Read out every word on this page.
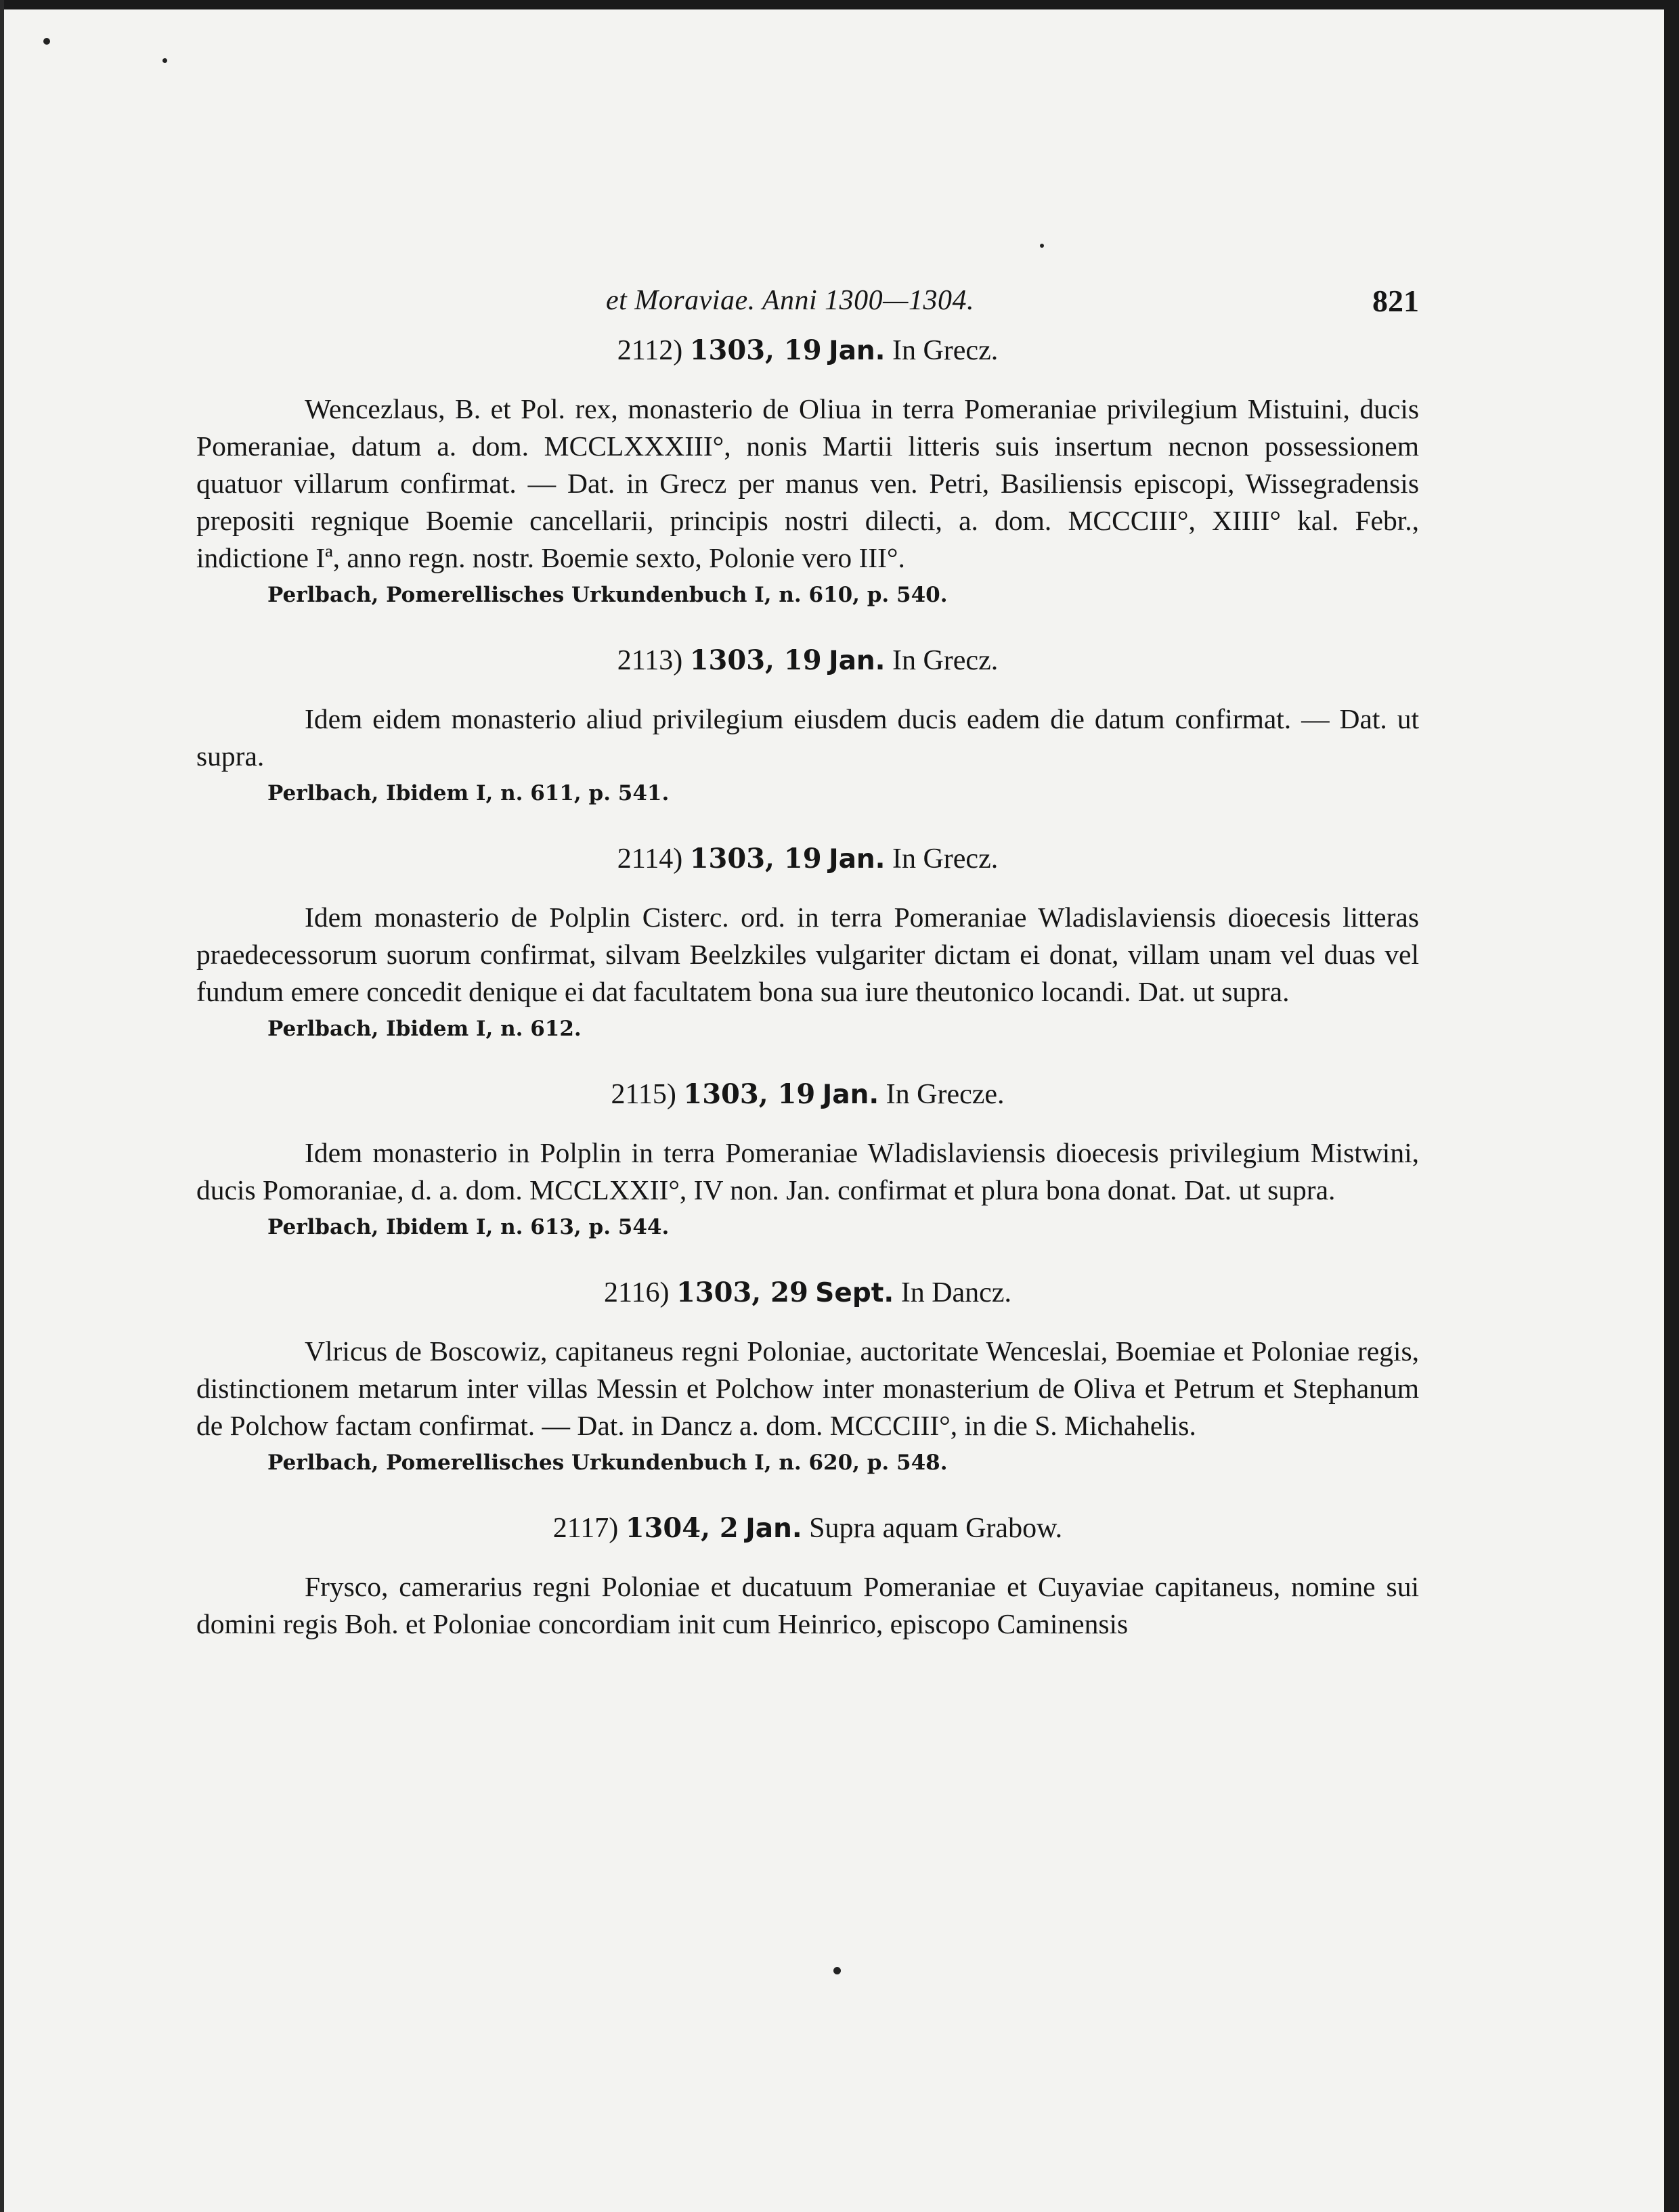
et Moraviae. Anni 1300—1304.	821
2112) 1303, 19 Jan. In Grecz.

Wencezlaus, B. et Pol. rex, monasterio de Oliua in terra Pomeraniae privilegium Mistuini, ducis Pomeraniae, datum a. dom. MCCLXXXIII°, nonis Martii litteris suis insertum necnon possessionem quatuor villarum confirmat. — Dat. in Grecz per manus ven. Petri, Basiliensis episcopi, Wissegradensis prepositi regnique Boemie cancellarii, principis nostri dilecti, a. dom. MCCCIII°, XIIII° kal. Febr., indictione Iª, anno regn. nostr. Boemie sexto, Polonie vero III°.

Perlbach, Pomerellisches Urkundenbuch I, n. 610, p. 540.
2113) 1303, 19 Jan. In Grecz.

Idem eidem monasterio aliud privilegium eiusdem ducis eadem die datum confirmat. — Dat. ut supra.

Perlbach, Ibidem I, n. 611, p. 541.
2114) 1303, 19 Jan. In Grecz.

Idem monasterio de Polplin Cisterc. ord. in terra Pomeraniae Wladislaviensis dioecesis litteras praedecessorum suorum confirmat, silvam Beelzkiles vulgariter dictam ei donat, villam unam vel duas vel fundum emere concedit denique ei dat facultatem bona sua iure theutonico locandi. Dat. ut supra.

Perlbach, Ibidem I, n. 612.
2115) 1303, 19 Jan. In Grecze.

Idem monasterio in Polplin in terra Pomeraniae Wladislaviensis dioecesis privilegium Mistwini, ducis Pomoraniae, d. a. dom. MCCLXXII°, IV non. Jan. confirmat et plura bona donat. Dat. ut supra.

Perlbach, Ibidem I, n. 613, p. 544.
2116) 1303, 29 Sept. In Dancz.

Vlricus de Boscowiz, capitaneus regni Poloniae, auctoritate Wenceslai, Boemiae et Poloniae regis, distinctionem metarum inter villas Messin et Polchow inter monasterium de Oliva et Petrum et Stephanum de Polchow factam confirmat. — Dat. in Dancz a. dom. MCCCIII°, in die S. Michahelis.

Perlbach, Pomerellisches Urkundenbuch I, n. 620, p. 548.
2117) 1304, 2 Jan. Supra aquam Grabow.

Frysco, camerarius regni Poloniae et ducatuum Pomeraniae et Cuyaviae capitaneus, nomine sui domini regis Boh. et Poloniae concordiam init cum Heinrico, episcopo Caminensis
